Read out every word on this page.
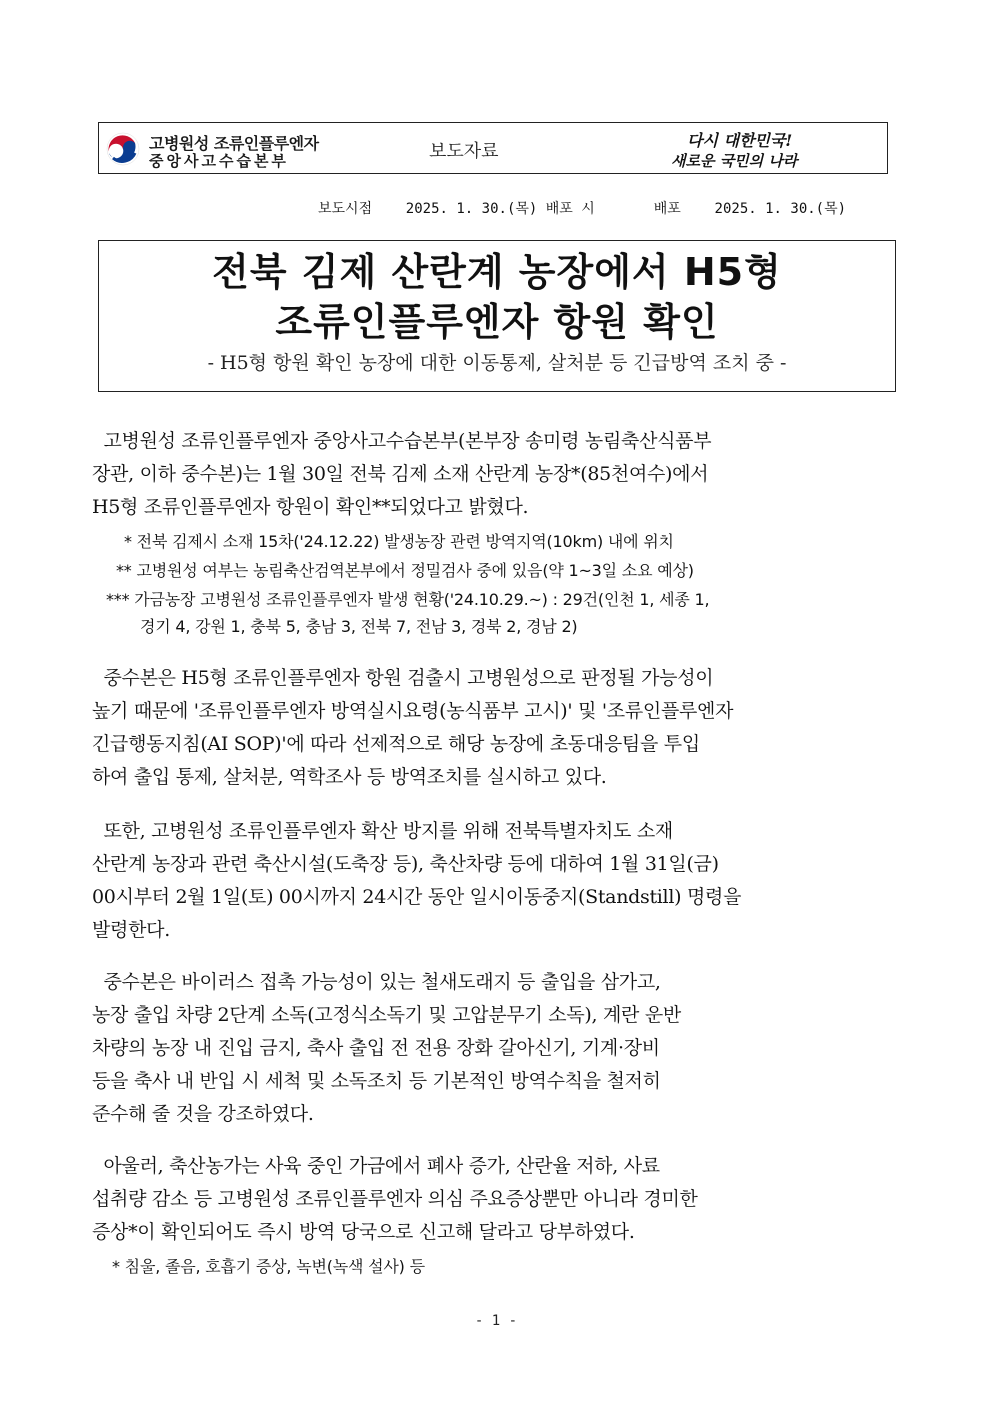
고병원성 조류인플루엔자
중앙사고수습본부	보도자료
다시 대한민국!
새로운 국민의 나라
보도시점    2025. 1. 30.(목) 배포 시       배포    2025. 1. 30.(목)
전북 김제 산란계 농장에서 H5형
조류인플루엔자 항원 확인
- H5형 항원 확인 농장에 대한 이동통제, 살처분 등 긴급방역 조치 중 -
고병원성 조류인플루엔자 중앙사고수습본부(본부장 송미령 농림축산식품부
장관, 이하 중수본)는 1월 30일 전북 김제 소재 산란계 농장*(85천여수)에서
H5형 조류인플루엔자 항원이 확인**되었다고 밝혔다.
* 전북 김제시 소재 15차('24.12.22) 발생농장 관련 방역지역(10km) 내에 위치
** 고병원성 여부는 농림축산검역본부에서 정밀검사 중에 있음(약 1~3일 소요 예상)
*** 가금농장 고병원성 조류인플루엔자 발생 현황('24.10.29.~) : 29건(인천 1, 세종 1,
경기 4, 강원 1, 충북 5, 충남 3, 전북 7, 전남 3, 경북 2, 경남 2)
중수본은 H5형 조류인플루엔자 항원 검출시 고병원성으로 판정될 가능성이
높기 때문에 '조류인플루엔자 방역실시요령(농식품부 고시)' 및 '조류인플루엔자
긴급행동지침(AI SOP)'에 따라 선제적으로 해당 농장에 초동대응팀을 투입
하여 출입 통제, 살처분, 역학조사 등 방역조치를 실시하고 있다.
또한, 고병원성 조류인플루엔자 확산 방지를 위해 전북특별자치도 소재
산란계 농장과 관련 축산시설(도축장 등), 축산차량 등에 대하여 1월 31일(금)
00시부터 2월 1일(토) 00시까지 24시간 동안 일시이동중지(Standstill) 명령을
발령한다.
중수본은 바이러스 접촉 가능성이 있는 철새도래지 등 출입을 삼가고,
농장 출입 차량 2단계 소독(고정식소독기 및 고압분무기 소독), 계란 운반
차량의 농장 내 진입 금지, 축사 출입 전 전용 장화 갈아신기, 기계·장비
등을 축사 내 반입 시 세척 및 소독조치 등 기본적인 방역수칙을 철저히
준수해 줄 것을 강조하였다.
아울러, 축산농가는 사육 중인 가금에서 폐사 증가, 산란율 저하, 사료
섭취량 감소 등 고병원성 조류인플루엔자 의심 주요증상뿐만 아니라 경미한
증상*이 확인되어도 즉시 방역 당국으로 신고해 달라고 당부하였다.
* 침울, 졸음, 호흡기 증상, 녹변(녹색 설사) 등
- 1 -
